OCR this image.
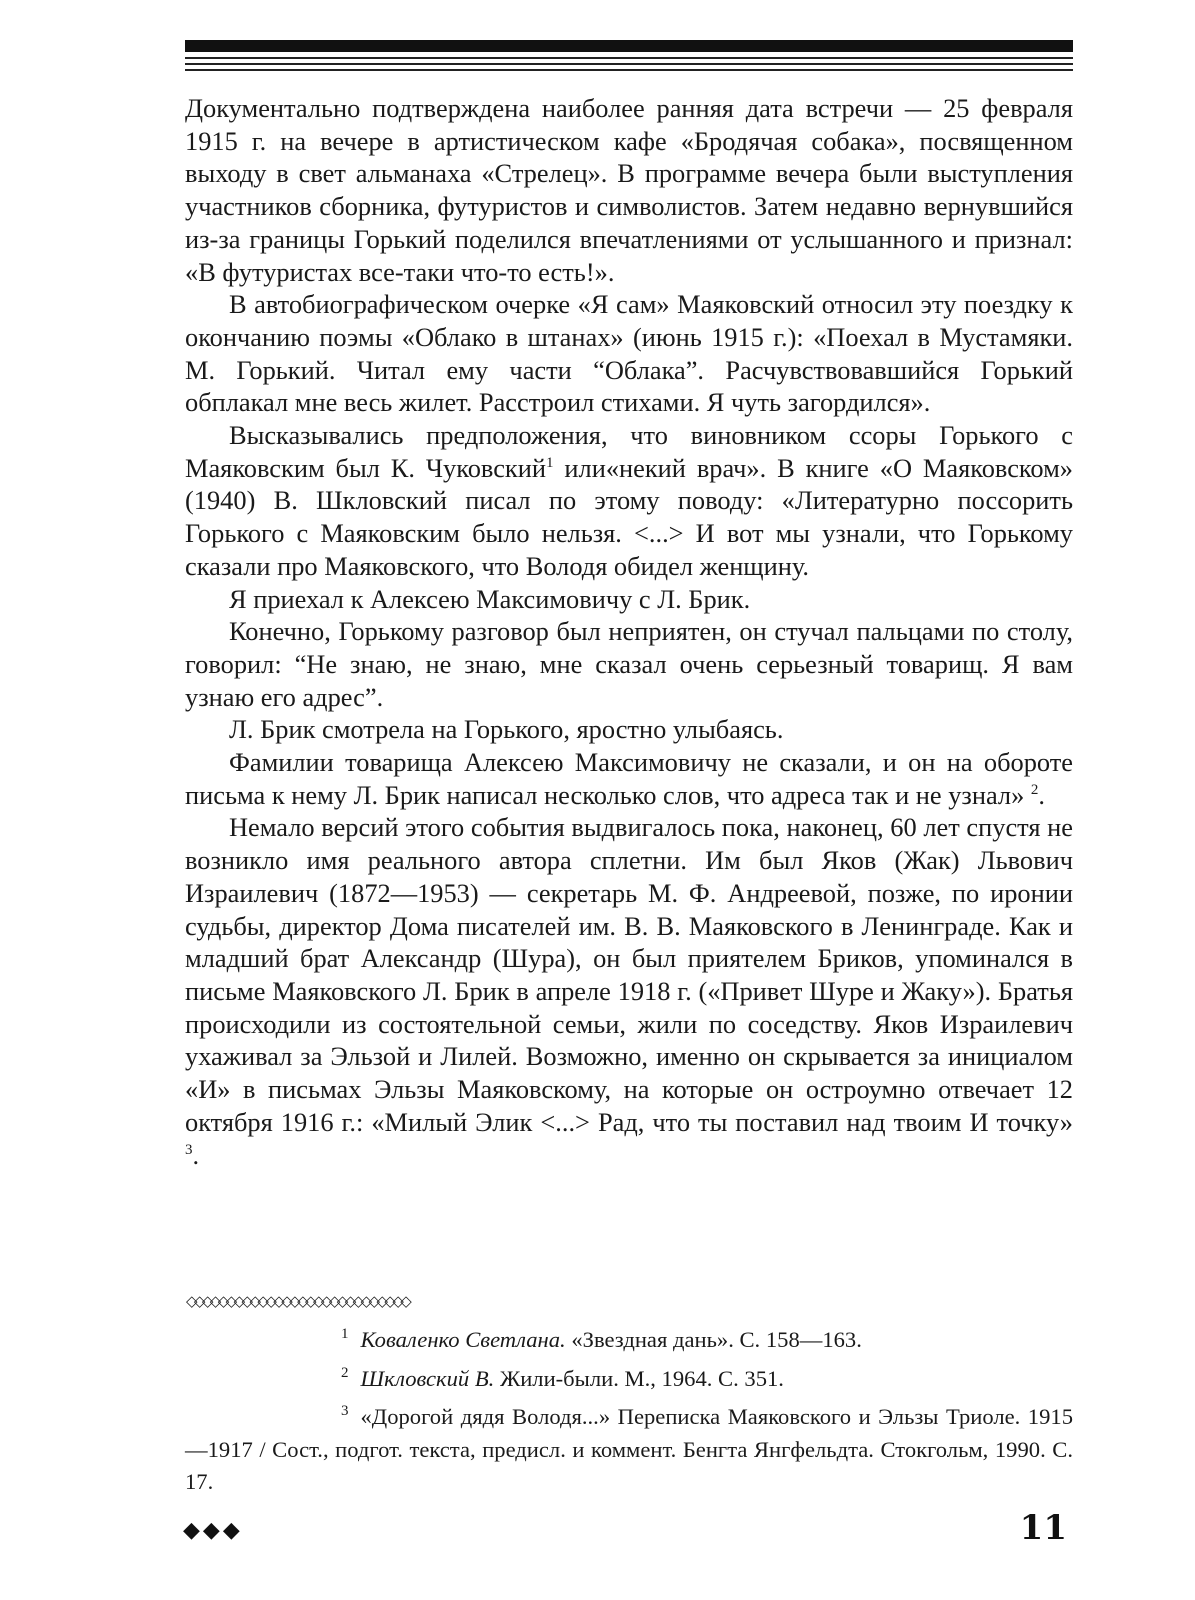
Документально подтверждена наиболее ранняя дата встречи — 25 февраля 1915 г. на вечере в артистическом кафе «Бродячая собака», посвященном выходу в свет альманаха «Стрелец». В программе вечера были выступления участников сборника, футуристов и символистов. Затем недавно вернувшийся из-за границы Горький поделился впечатлениями от услышанного и признал: «В футуристах все-таки что-то есть!».

В автобиографическом очерке «Я сам» Маяковский относил эту поездку к окончанию поэмы «Облако в штанах» (июнь 1915 г.): «Поехал в Мустамяки. М. Горький. Читал ему части “Облака”. Расчувствовавшийся Горький обплакал мне весь жилет. Расстроил стихами. Я чуть загордился».

Высказывались предположения, что виновником ссоры Горького с Маяковским был К. Чуковский$^1$ или«некий врач». В книге «О Маяковском» (1940) В. Шкловский писал по этому поводу: «Литературно поссорить Горького с Маяковским было нельзя. <...> И вот мы узнали, что Горькому сказали про Маяковского, что Володя обидел женщину.

Я приехал к Алексею Максимовичу с Л. Брик.

Конечно, Горькому разговор был неприятен, он стучал пальцами по столу, говорил: “Не знаю, не знаю, мне сказал очень серьезный товарищ. Я вам узнаю его адрес”.

Л. Брик смотрела на Горького, яростно улыбаясь.

Фамилии товарища Алексею Максимовичу не сказали, и он на обороте письма к нему Л. Брик написал несколько слов, что адреса так и не узнал» $^2$.

Немало версий этого события выдвигалось пока, наконец, 60 лет спустя не возникло имя реального автора сплетни. Им был Яков (Жак) Львович Израилевич (1872—1953) — секретарь М. Ф. Андреевой, позже, по иронии судьбы, директор Дома писателей им. В. В. Маяковского в Ленинграде. Как и младший брат Александр (Шура), он был приятелем Бриков, упоминался в письме Маяковского Л. Брик в апреле 1918 г. («Привет Шуре и Жаку»). Братья происходили из состоятельной семьи, жили по соседству. Яков Израилевич ухаживал за Эльзой и Лилей. Возможно, именно он скрывается за инициалом «И» в письмах Эльзы Маяковскому, на которые он остроумно отвечает 12 октября 1916 г.: «Милый Элик <...> Рад, что ты поставил над твоим И точку» $^3$.

◇◇◇◇◇◇◇◇◇◇◇◇◇◇◇◇◇◇◇◇◇◇◇◇◇◇◇◇

1 Коваленко Светлана. «Звездная дань». С. 158—163.

2 Шкловский В. Жили-были. М., 1964. С. 351.

3 «Дорогой дядя Володя...» Переписка Маяковского и Эльзы Триоле. 1915—1917 / Сост., подгот. текста, предисл. и коммент. Бенгта Янгфельдта. Стокгольм, 1990. С. 17.

◆◆◆	11
